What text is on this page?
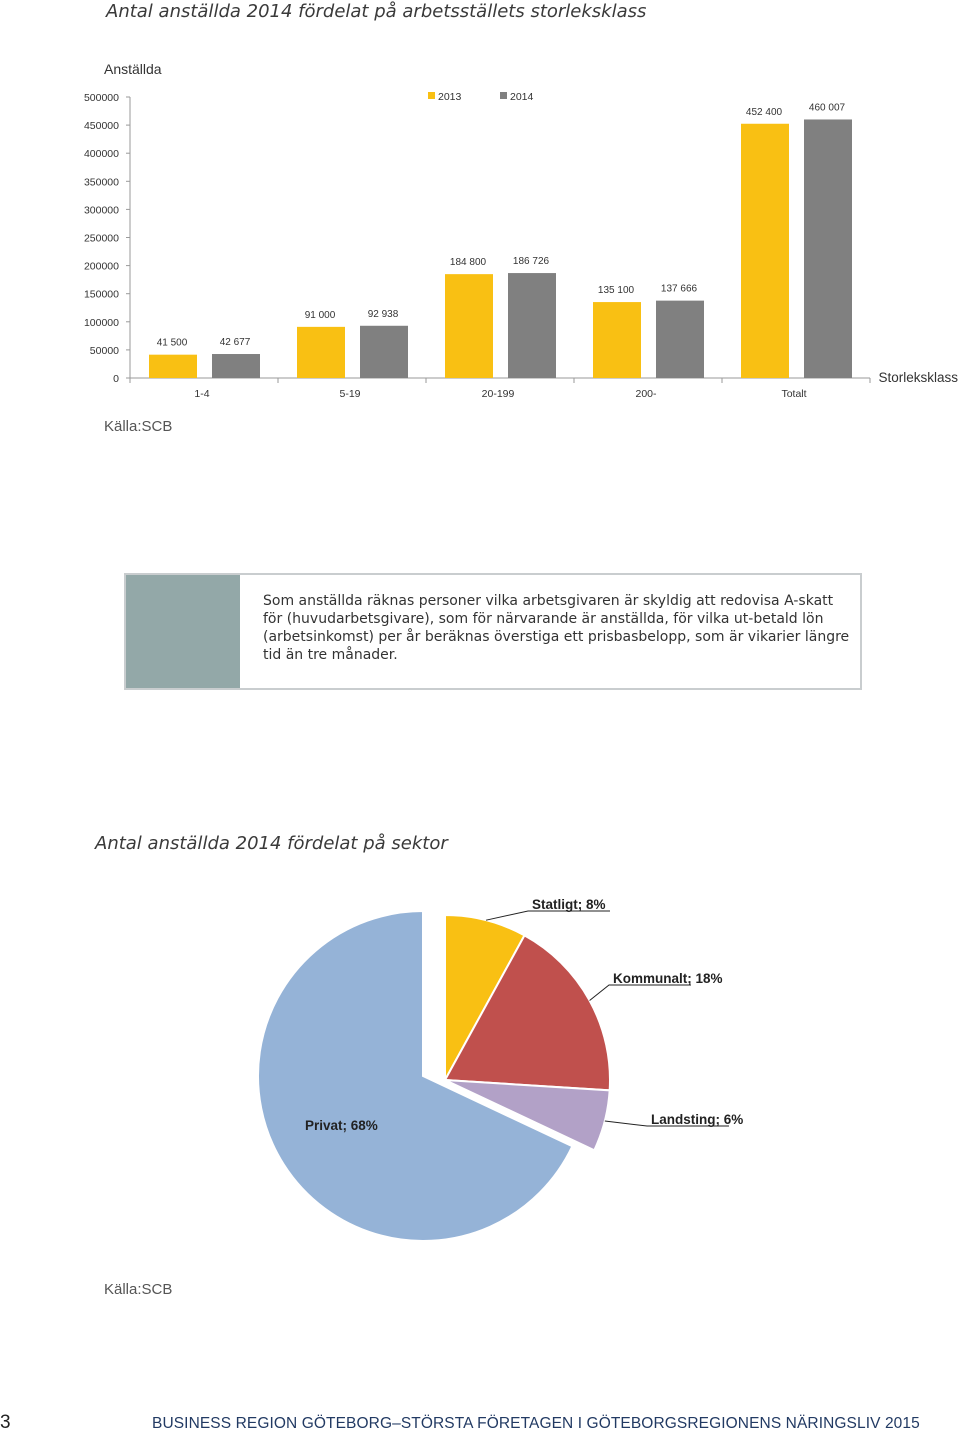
Antal anställda 2014 fördelat på arbetsställets storleksklass
Anställda
0
50000
100000
150000
200000
250000
300000
350000
400000
450000
500000
41 500	42 677
1-4
91 000	92 938
5-19
184 800	186 726
20-199
135 100	137 666
200-
452 400	460 007
Totalt
Storleksklass
2013	2014
Källa:SCB
Som anställda räknas personer vilka arbetsgivaren är skyldig att redovisa A-skatt för (huvudarbetsgivare), som för närvarande är anställda, för vilka ut-betald lön (arbetsinkomst) per år beräknas överstiga ett prisbasbelopp, som är vikarier längre tid än tre månader.
Antal anställda 2014 fördelat på sektor
Statligt; 8%
Kommunalt; 18%
Landsting; 6%
Privat; 68%
Källa:SCB
3	BUSINESS REGION GÖTEBORG–STÖRSTA FÖRETAGEN I GÖTEBORGSREGIONENS NÄRINGSLIV 2015
